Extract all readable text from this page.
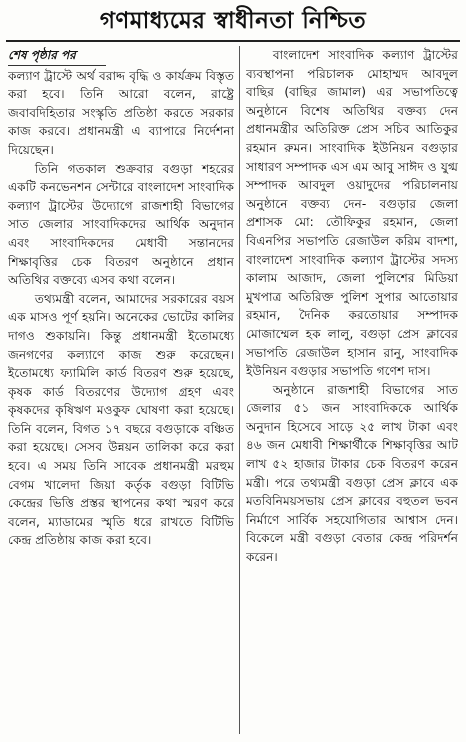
গণমাধ্যমের স্বাধীনতা নিশ্চিত
শেষ পৃষ্ঠার পর

কল্যাণ ট্রাস্টে অর্থ বরাদ্দ বৃদ্ধি ও কার্যক্রম বিস্তৃত করা হবে। তিনি আরো বলেন, রাষ্ট্রে জবাবদিহিতার সংস্কৃতি প্রতিষ্ঠা করতে সরকার কাজ করবে। প্রধানমন্ত্রী এ ব্যাপারে নির্দেশনা দিয়েছেন।

তিনি গতকাল শুক্রবার বগুড়া শহরের একটি কনভেনশন সেন্টারে বাংলাদেশ সাংবাদিক কল্যাণ ট্রাস্টের উদ্যোগে রাজশাহী বিভাগের সাত জেলার সাংবাদিকদের আর্থিক অনুদান এবং সাংবাদিকদের মেধাবী সন্তানদের শিক্ষাবৃত্তির চেক বিতরণ অনুষ্ঠানে প্রধান অতিথির বক্তব্যে এসব কথা বলেন।

তথ্যমন্ত্রী বলেন, আমাদের সরকারের বয়স এক মাসও পূর্ণ হয়নি। অনেকের ভোটের কালির দাগও শুকায়নি। কিন্তু প্রধানমন্ত্রী ইতোমধ্যে জনগণের কল্যাণে কাজ শুরু করেছেন। ইতোমধ্যে ফ্যামিলি কার্ড বিতরণ শুরু হয়েছে, কৃষক কার্ড বিতরণের উদ্যোগ গ্রহণ এবং কৃষকদের কৃষিঋণ মওকুফ ঘোষণা করা হয়েছে। তিনি বলেন, বিগত ১৭ বছরে বগুড়াকে বঞ্চিত করা হয়েছে। সেসব উন্নয়ন তালিকা করে করা হবে। এ সময় তিনি সাবেক প্রধানমন্ত্রী মরহুম বেগম খালেদা জিয়া কর্তৃক বগুড়া বিটিভি কেন্দ্রের ভিত্তি প্রস্তর স্থাপনের কথা স্মরণ করে বলেন, ম্যাডামের স্মৃতি ধরে রাখতে বিটিভি কেন্দ্র প্রতিষ্ঠায় কাজ করা হবে।

বাংলাদেশ সাংবাদিক কল্যাণ ট্রাস্টের ব্যবস্থাপনা পরিচালক মোহাম্মদ আবদুল বাছির (বাছির জামাল) এর সভাপতিত্বে অনুষ্ঠানে বিশেষ অতিথির বক্তব্য দেন প্রধানমন্ত্রীর অতিরিক্ত প্রেস সচিব আতিকুর রহমান রুমন। সাংবাদিক ইউনিয়ন বগুড়ার সাধারণ সম্পাদক এস এম আবু সাঈদ ও যুগ্ম সম্পাদক আবদুল ওয়াদুদের পরিচালনায় অনুষ্ঠানে বক্তব্য দেন- বগুড়ার জেলা প্রশাসক মো: তৌফিকুর রহমান, জেলা বিএনপির সভাপতি রেজাউল করিম বাদশা, বাংলাদেশ সাংবাদিক কল্যাণ ট্রাস্টের সদস্য কালাম আজাদ, জেলা পুলিশের মিডিয়া মুখপাত্র অতিরিক্ত পুলিশ সুপার আতোয়ার রহমান, দৈনিক করতোয়ার সম্পাদক মোজাম্মেল হক লালু, বগুড়া প্রেস ক্লাবের সভাপতি রেজাউল হাসান রানু, সাংবাদিক ইউনিয়ন বগুড়ার সভাপতি গণেশ দাস।

অনুষ্ঠানে রাজশাহী বিভাগের সাত জেলার ৫১ জন সাংবাদিককে আর্থিক অনুদান হিসেবে সাড়ে ২৫ লাখ টাকা এবং ৪৬ জন মেধাবী শিক্ষার্থীকে শিক্ষাবৃত্তির আট লাখ ৫২ হাজার টাকার চেক বিতরণ করেন মন্ত্রী। পরে তথ্যমন্ত্রী বগুড়া প্রেস ক্লাবে এক মতবিনিময়সভায় প্রেস ক্লাবের বহুতল ভবন নির্মাণে সার্বিক সহযোগিতার আশ্বাস দেন। বিকেলে মন্ত্রী বগুড়া বেতার কেন্দ্র পরিদর্শন করেন।
